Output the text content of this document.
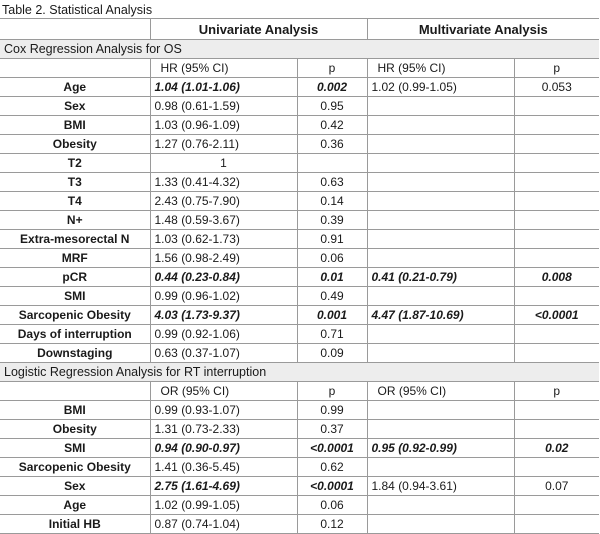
Table 2. Statistical Analysis
	Univariate Analysis		Multivariate Analysis	
Cox Regression Analysis for OS				
	HR (95% CI)	p	HR (95% CI)	p
Age	1.04 (1.01-1.06)	0.002	1.02 (0.99-1.05)	0.053
Sex	0.98 (0.61-1.59)	0.95		
BMI	1.03 (0.96-1.09)	0.42		
Obesity	1.27 (0.76-2.11)	0.36		
T2	1			
T3	1.33 (0.41-4.32)	0.63		
T4	2.43 (0.75-7.90)	0.14		
N+	1.48 (0.59-3.67)	0.39		
Extra-mesorectal N	1.03 (0.62-1.73)	0.91		
MRF	1.56 (0.98-2.49)	0.06		
pCR	0.44 (0.23-0.84)	0.01	0.41 (0.21-0.79)	0.008
SMI	0.99 (0.96-1.02)	0.49		
Sarcopenic Obesity	4.03 (1.73-9.37)	0.001	4.47 (1.87-10.69)	<0.0001
Days of interruption	0.99 (0.92-1.06)	0.71		
Downstaging	0.63 (0.37-1.07)	0.09		
Logistic Regression Analysis for RT interruption				
	OR (95% CI)	p	OR (95% CI)	p
BMI	0.99 (0.93-1.07)	0.99		
Obesity	1.31 (0.73-2.33)	0.37		
SMI	0.94 (0.90-0.97)	<0.0001	0.95 (0.92-0.99)	0.02
Sarcopenic Obesity	1.41 (0.36-5.45)	0.62		
Sex	2.75 (1.61-4.69)	<0.0001	1.84 (0.94-3.61)	0.07
Age	1.02 (0.99-1.05)	0.06		
Initial HB	0.87 (0.74-1.04)	0.12		
